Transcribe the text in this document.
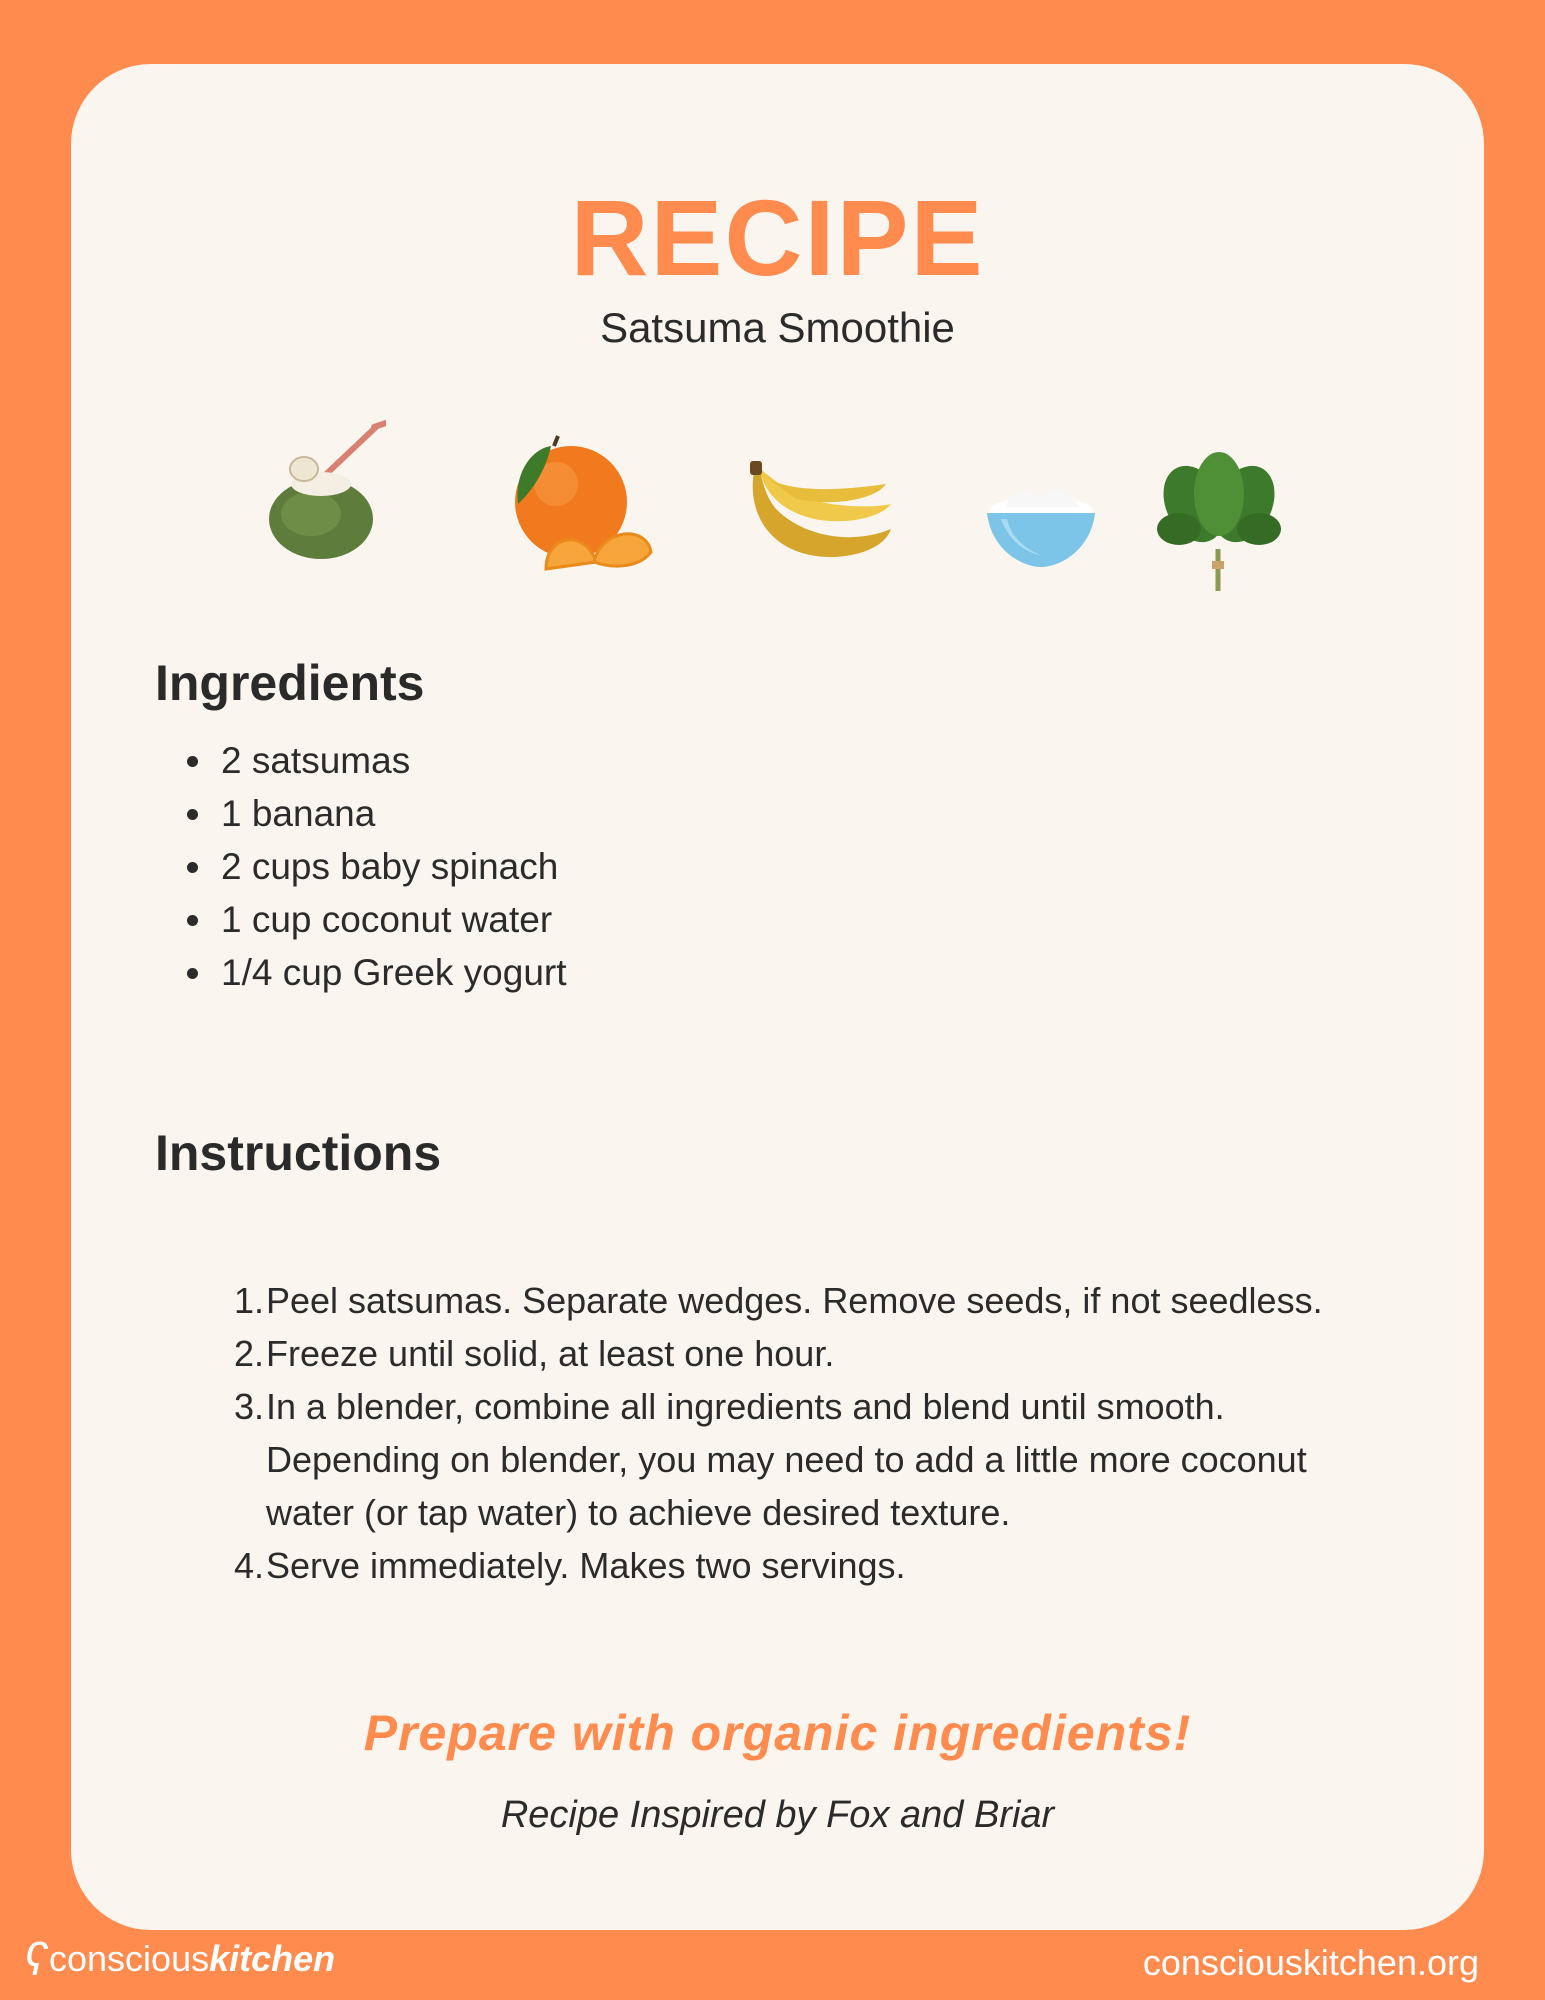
RECIPE
Satsuma Smoothie
Ingredients
2 satsumas
1 banana
2 cups baby spinach
1 cup coconut water
1/4 cup Greek yogurt
Instructions
1. Peel satsumas. Separate wedges. Remove seeds, if not seedless.
2. Freeze until solid, at least one hour.
3. In a blender, combine all ingredients and blend until smooth. Depending on blender, you may need to add a little more coconut water (or tap water) to achieve desired texture.
4. Serve immediately. Makes two servings.
Prepare with organic ingredients!
Recipe Inspired by Fox and Briar
ʕ conscious kitchen	consciouskitchen.org
